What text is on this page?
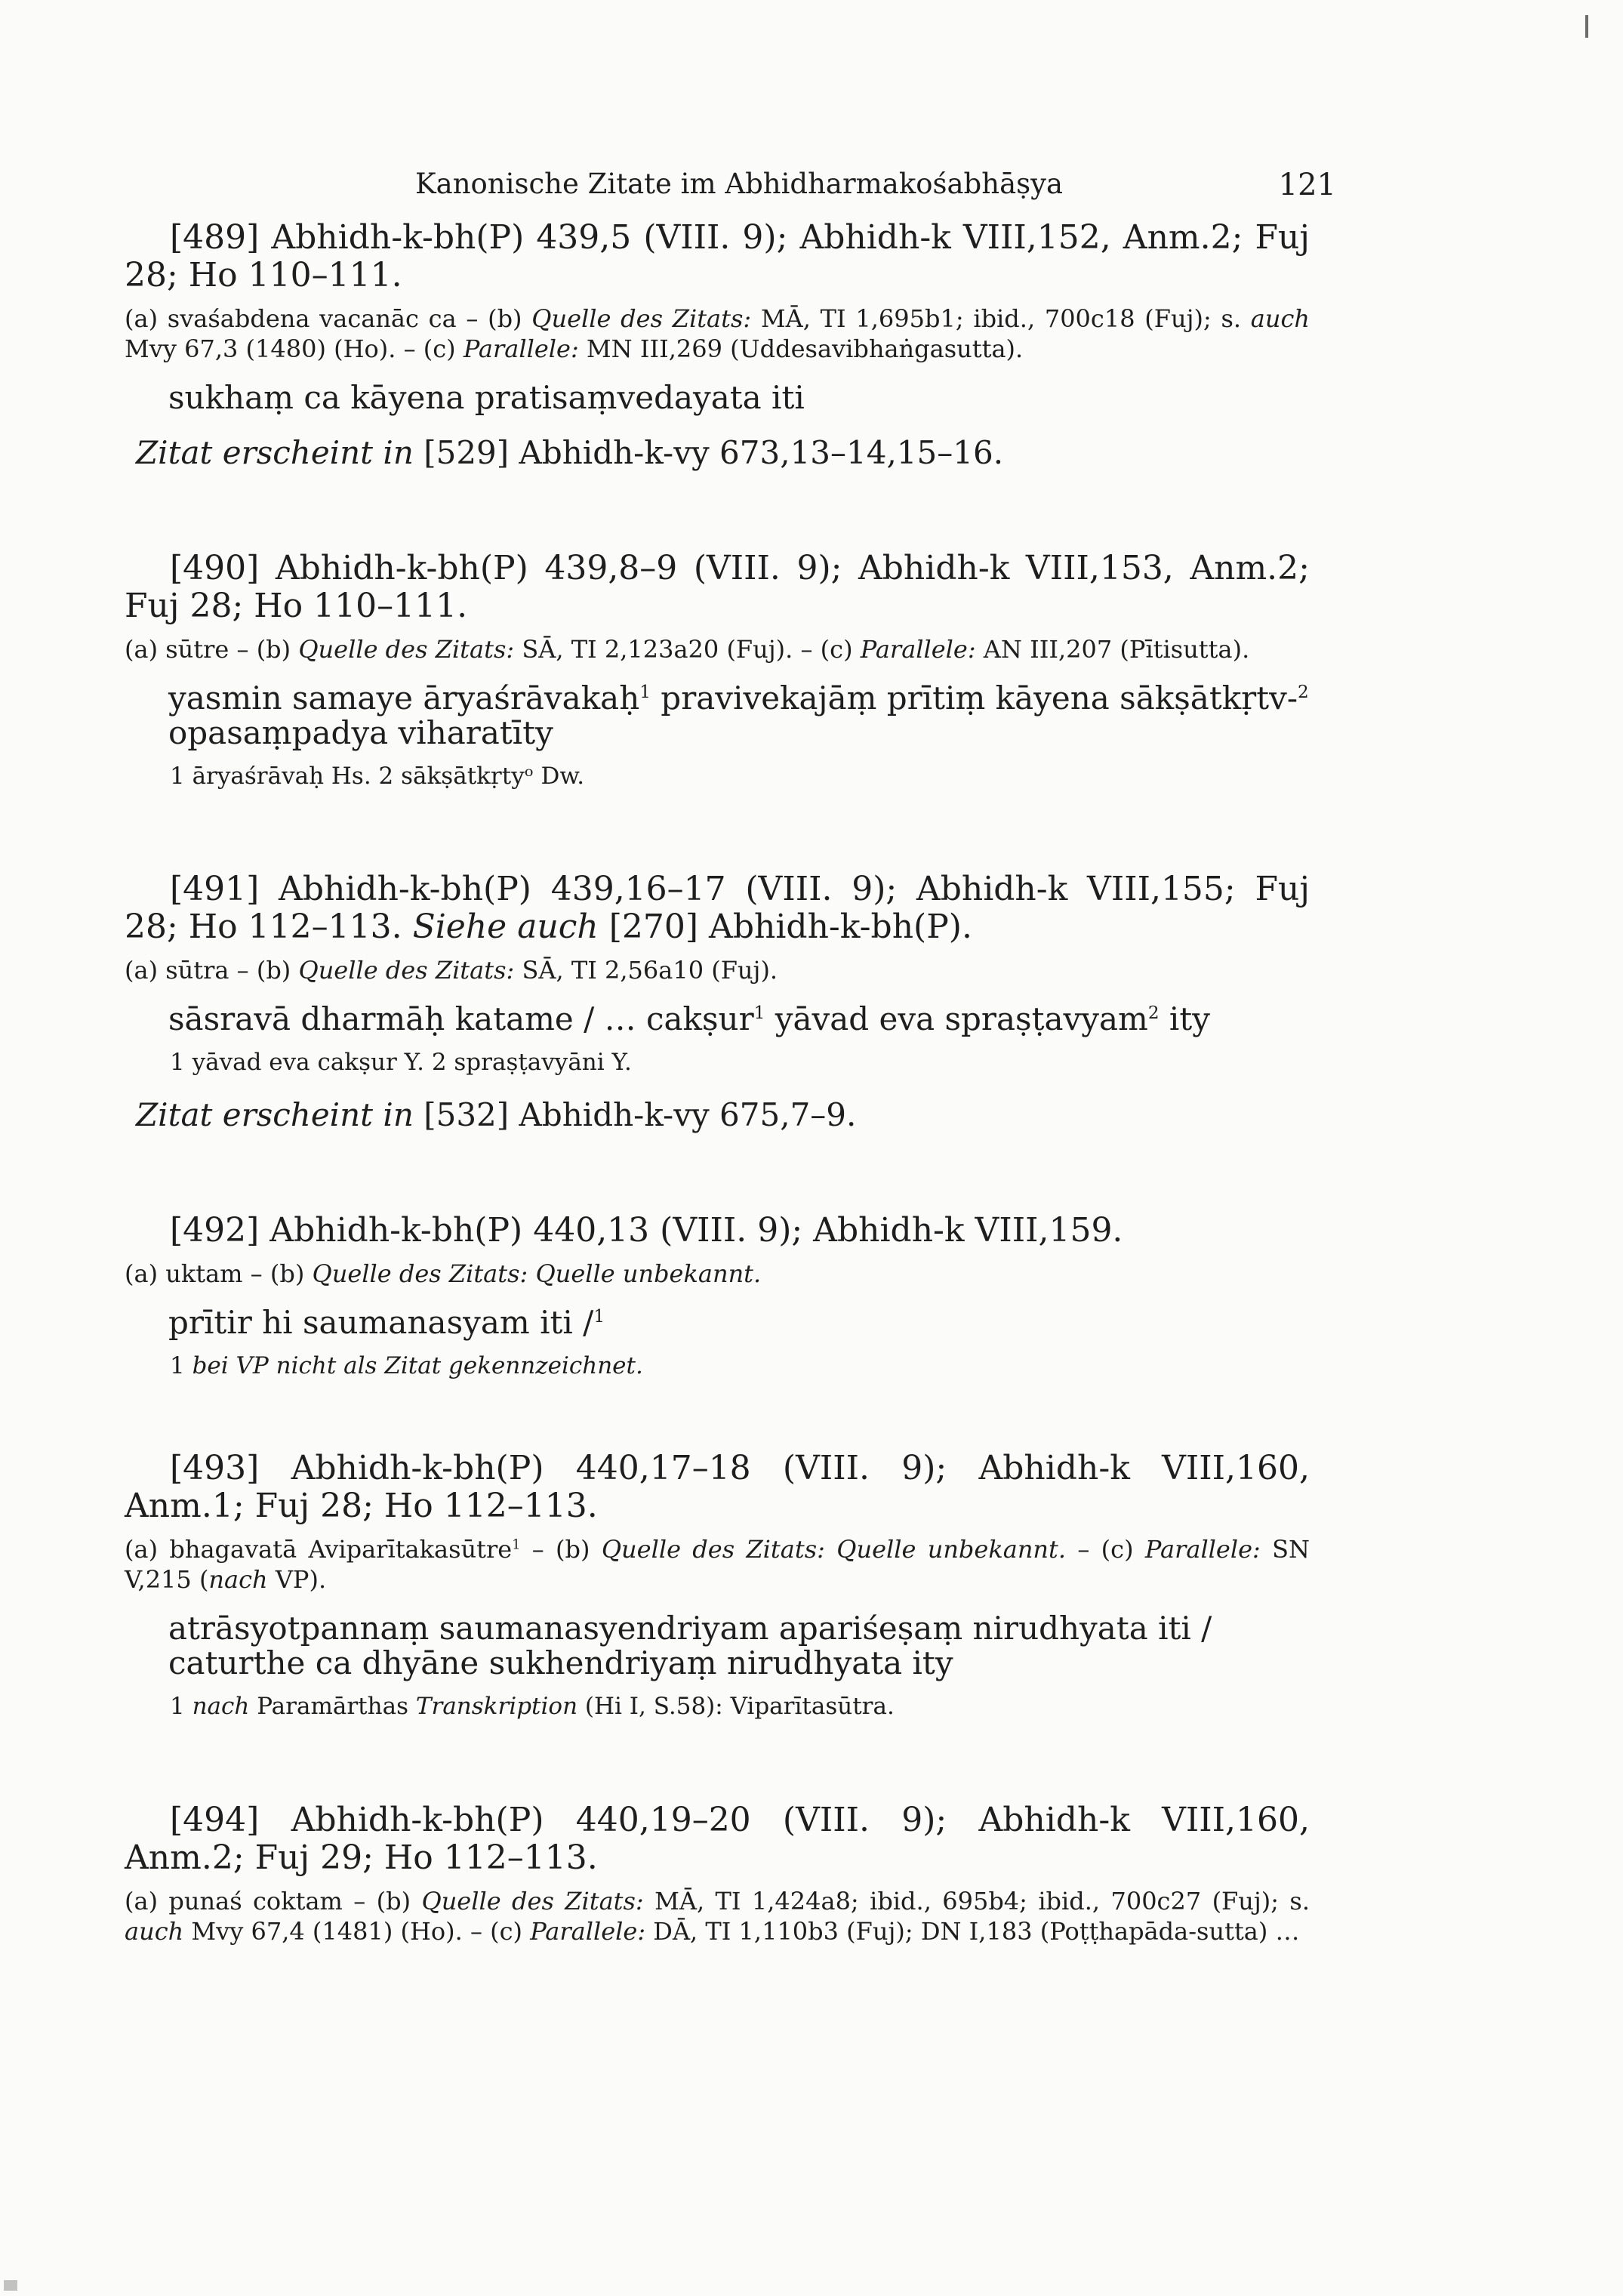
Kanonische Zitate im Abhidharmakośabhāṣya	121

[489] Abhidh-k-bh(P) 439,5 (VIII. 9); Abhidh-k VIII,152, Anm.2; Fuj 28; Ho 110–111.

(a) svaśabdena vacanāc ca – (b) Quelle des Zitats: MĀ, TI 1,695b1; ibid., 700c18 (Fuj); s. auch Mvy 67,3 (1480) (Ho). – (c) Parallele: MN III,269 (Uddesavibhaṅgasutta).

sukhaṃ ca kāyena pratisaṃvedayata iti

Zitat erscheint in [529] Abhidh-k-vy 673,13–14,15–16.

[490] Abhidh-k-bh(P) 439,8–9 (VIII. 9); Abhidh-k VIII,153, Anm.2; Fuj 28; Ho 110–111.

(a) sūtre – (b) Quelle des Zitats: SĀ, TI 2,123a20 (Fuj). – (c) Parallele: AN III,207 (Pītisutta).

yasmin samaye āryaśrāvakaḥ$^1$ pravivekajāṃ prītiṃ kāyena sākṣātkṛtv-$^2$
opasaṃpadya viharatīty

1 āryaśrāvaḥ Hs. 2 sākṣātkṛtyᵒ Dw.

[491] Abhidh-k-bh(P) 439,16–17 (VIII. 9); Abhidh-k VIII,155; Fuj 28; Ho 112–113. Siehe auch [270] Abhidh-k-bh(P).

(a) sūtra – (b) Quelle des Zitats: SĀ, TI 2,56a10 (Fuj).

sāsravā dharmāḥ katame / … cakṣur$^1$ yāvad eva spraṣṭavyam$^2$ ity

1 yāvad eva cakṣur Y. 2 spraṣṭavyāni Y.

Zitat erscheint in [532] Abhidh-k-vy 675,7–9.

[492] Abhidh-k-bh(P) 440,13 (VIII. 9); Abhidh-k VIII,159.

(a) uktam – (b) Quelle des Zitats: Quelle unbekannt.

prītir hi saumanasyam iti /$^1$

1 bei VP nicht als Zitat gekennzeichnet.

[493] Abhidh-k-bh(P) 440,17–18 (VIII. 9); Abhidh-k VIII,160, Anm.1; Fuj 28; Ho 112–113.

(a) bhagavatā Aviparītakasūtre$^1$ – (b) Quelle des Zitats: Quelle unbekannt. – (c) Parallele: SN V,215 (nach VP).

atrāsyotpannaṃ saumanasyendriyam apariśeṣaṃ nirudhyata iti / caturthe ca dhyāne sukhendriyaṃ nirudhyata ity

1 nach Paramārthas Transkription (Hi I, S.58): Viparītasūtra.

[494] Abhidh-k-bh(P) 440,19–20 (VIII. 9); Abhidh-k VIII,160, Anm.2; Fuj 29; Ho 112–113.

(a) punaś coktam – (b) Quelle des Zitats: MĀ, TI 1,424a8; ibid., 695b4; ibid., 700c27 (Fuj); s. auch Mvy 67,4 (1481) (Ho). – (c) Parallele: DĀ, TI 1,110b3 (Fuj); DN I,183 (Poṭṭhapāda-sutta) …
